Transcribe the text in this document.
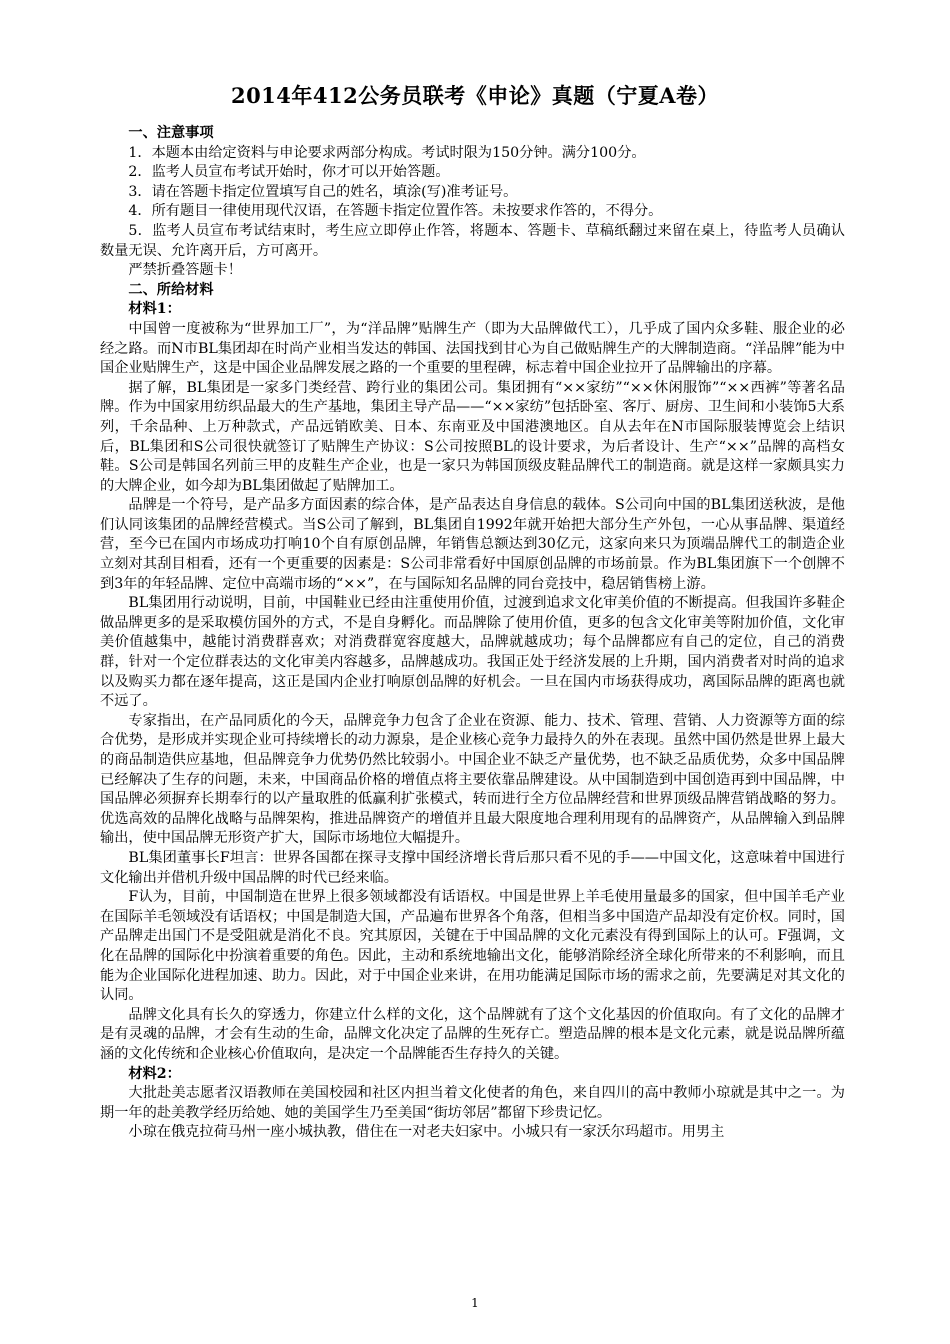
2014年412公务员联考《申论》真题（宁夏A卷）

一、注意事项

1．本题本由给定资料与申论要求两部分构成。考试时限为150分钟。满分100分。

2．监考人员宣布考试开始时，你才可以开始答题。

3．请在答题卡指定位置填写自己的姓名，填涂(写)准考证号。

4．所有题目一律使用现代汉语，在答题卡指定位置作答。未按要求作答的，不得分。

5．监考人员宣布考试结束时，考生应立即停止作答，将题本、答题卡、草稿纸翻过来留在桌上，待监考人员确认数量无误、允许离开后，方可离开。

严禁折叠答题卡！

二、所给材料

材料1：

中国曾一度被称为“世界加工厂”，为“洋品牌”贴牌生产（即为大品牌做代工），几乎成了国内众多鞋、服企业的必经之路。而N市BL集团却在时尚产业相当发达的韩国、法国找到甘心为自己做贴牌生产的大牌制造商。“洋品牌”能为中国企业贴牌生产，这是中国企业品牌发展之路的一个重要的里程碑，标志着中国企业拉开了品牌输出的序幕。

据了解，BL集团是一家多门类经营、跨行业的集团公司。集团拥有“××家纺”“××休闲服饰”“××西裤”等著名品牌。作为中国家用纺织品最大的生产基地，集团主导产品——“××家纺”包括卧室、客厅、厨房、卫生间和小装饰5大系列，千余品种、上万种款式，产品远销欧美、日本、东南亚及中国港澳地区。自从去年在N市国际服装博览会上结识后，BL集团和S公司很快就签订了贴牌生产协议：S公司按照BL的设计要求，为后者设计、生产“××”品牌的高档女鞋。S公司是韩国名列前三甲的皮鞋生产企业，也是一家只为韩国顶级皮鞋品牌代工的制造商。就是这样一家颇具实力的大牌企业，如今却为BL集团做起了贴牌加工。

品牌是一个符号，是产品多方面因素的综合体，是产品表达自身信息的载体。S公司向中国的BL集团送秋波，是他们认同该集团的品牌经营模式。当S公司了解到，BL集团自1992年就开始把大部分生产外包，一心从事品牌、渠道经营，至今已在国内市场成功打响10个自有原创品牌，年销售总额达到30亿元，这家向来只为顶端品牌代工的制造企业立刻对其刮目相看，还有一个更重要的因素是：S公司非常看好中国原创品牌的市场前景。作为BL集团旗下一个创牌不到3年的年轻品牌、定位中高端市场的“××”，在与国际知名品牌的同台竞技中，稳居销售榜上游。

BL集团用行动说明，目前，中国鞋业已经由注重使用价值，过渡到追求文化审美价值的不断提高。但我国许多鞋企做品牌更多的是采取模仿国外的方式，不是自身孵化。而品牌除了使用价值，更多的包含文化审美等附加价值，文化审美价值越集中，越能讨消费群喜欢；对消费群宽容度越大，品牌就越成功；每个品牌都应有自己的定位，自己的消费群，针对一个定位群表达的文化审美内容越多，品牌越成功。我国正处于经济发展的上升期，国内消费者对时尚的追求以及购买力都在逐年提高，这正是国内企业打响原创品牌的好机会。一旦在国内市场获得成功，离国际品牌的距离也就不远了。

专家指出，在产品同质化的今天，品牌竞争力包含了企业在资源、能力、技术、管理、营销、人力资源等方面的综合优势，是形成并实现企业可持续增长的动力源泉，是企业核心竞争力最持久的外在表现。虽然中国仍然是世界上最大的商品制造供应基地，但品牌竞争力优势仍然比较弱小。中国企业不缺乏产量优势，也不缺乏品质优势，众多中国品牌已经解决了生存的问题，未来，中国商品价格的增值点将主要依靠品牌建设。从中国制造到中国创造再到中国品牌，中国品牌必须摒弃长期奉行的以产量取胜的低赢利扩张模式，转而进行全方位品牌经营和世界顶级品牌营销战略的努力。优选高效的品牌化战略与品牌架构，推进品牌资产的增值并且最大限度地合理利用现有的品牌资产，从品牌输入到品牌输出，使中国品牌无形资产扩大，国际市场地位大幅提升。

BL集团董事长F坦言：世界各国都在探寻支撑中国经济增长背后那只看不见的手——中国文化，这意味着中国进行文化输出并借机升级中国品牌的时代已经来临。

F认为，目前，中国制造在世界上很多领域都没有话语权。中国是世界上羊毛使用量最多的国家，但中国羊毛产业在国际羊毛领域没有话语权；中国是制造大国，产品遍布世界各个角落，但相当多中国造产品却没有定价权。同时，国产品牌走出国门不是受阻就是消化不良。究其原因，关键在于中国品牌的文化元素没有得到国际上的认可。F强调，文化在品牌的国际化中扮演着重要的角色。因此，主动和系统地输出文化，能够消除经济全球化所带来的不利影响，而且能为企业国际化进程加速、助力。因此，对于中国企业来讲，在用功能满足国际市场的需求之前，先要满足对其文化的认同。

品牌文化具有长久的穿透力，你建立什么样的文化，这个品牌就有了这个文化基因的价值取向。有了文化的品牌才是有灵魂的品牌，才会有生动的生命，品牌文化决定了品牌的生死存亡。塑造品牌的根本是文化元素，就是说品牌所蕴涵的文化传统和企业核心价值取向，是决定一个品牌能否生存持久的关键。

材料2：

大批赴美志愿者汉语教师在美国校园和社区内担当着文化使者的角色，来自四川的高中教师小琼就是其中之一。为期一年的赴美教学经历给她、她的美国学生乃至美国“街坊邻居”都留下珍贵记忆。

小琼在俄克拉荷马州一座小城执教，借住在一对老夫妇家中。小城只有一家沃尔玛超市。用男主

1
